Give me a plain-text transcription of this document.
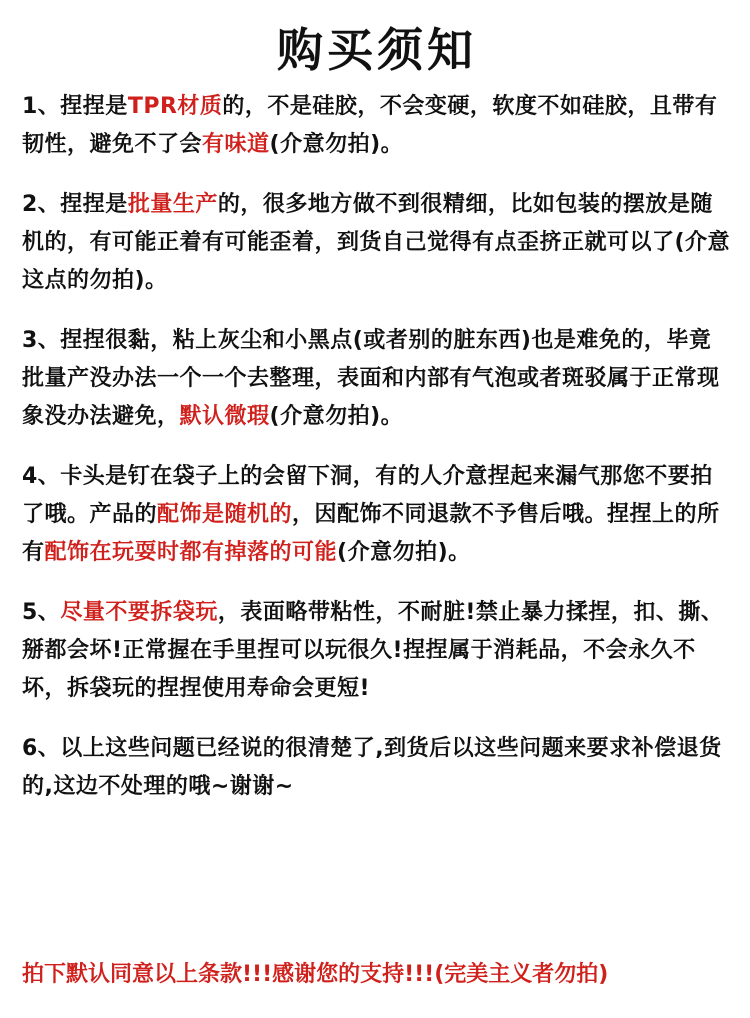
购买须知
1、捏捏是TPR材质的，不是硅胶，不会变硬，软度不如硅胶，且带有韧性，避免不了会有味道(介意勿拍)。
2、捏捏是批量生产的，很多地方做不到很精细，比如包装的摆放是随机的，有可能正着有可能歪着，到货自己觉得有点歪挤正就可以了(介意这点的勿拍)。
3、捏捏很黏，粘上灰尘和小黑点(或者别的脏东西)也是难免的，毕竟批量产没办法一个一个去整理，表面和内部有气泡或者斑驳属于正常现象没办法避免，默认微瑕(介意勿拍)。
4、卡头是钉在袋子上的会留下洞，有的人介意捏起来漏气那您不要拍了哦。产品的配饰是随机的，因配饰不同退款不予售后哦。捏捏上的所有配饰在玩耍时都有掉落的可能(介意勿拍)。
5、尽量不要拆袋玩，表面略带粘性，不耐脏!禁止暴力揉捏，扣、撕、掰都会坏!正常握在手里捏可以玩很久!捏捏属于消耗品，不会永久不坏，拆袋玩的捏捏使用寿命会更短!
6、以上这些问题已经说的很清楚了,到货后以这些问题来要求补偿退货的,这边不处理的哦~谢谢~
拍下默认同意以上条款!!!感谢您的支持!!!(完美主义者勿拍)
